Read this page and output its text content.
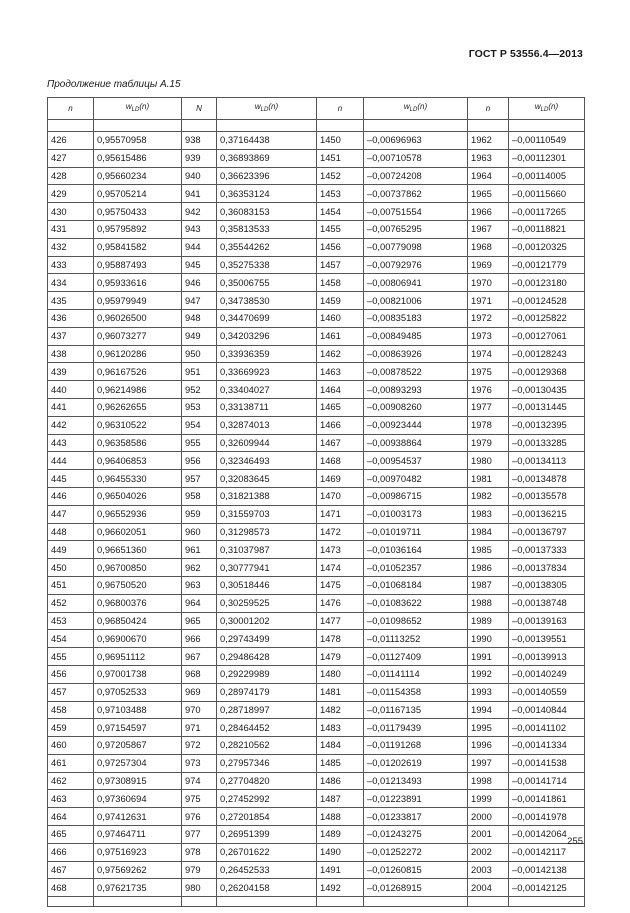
ГОСТ Р 53556.4—2013
Продолжение таблицы А.15
n	$w_{LD}(n)$	N	$w_{LD}(n)$	n	$w_{LD}(n)$	n	$w_{LD}(n)$

426	0,95570958	938	0,37164438	1450	–0,00696963	1962	–0,00110549
427	0,95615486	939	0,36893869	1451	–0,00710578	1963	–0,00112301
428	0,95660234	940	0,36623396	1452	–0,00724208	1964	–0,00114005
429	0,95705214	941	0,36353124	1453	–0,00737862	1965	–0,00115660
430	0,95750433	942	0,36083153	1454	–0,00751554	1966	–0,00117265
431	0,95795892	943	0,35813533	1455	–0,00765295	1967	–0,00118821
432	0,95841582	944	0,35544262	1456	–0,00779098	1968	–0,00120325
433	0,95887493	945	0,35275338	1457	–0,00792976	1969	–0,00121779
434	0,95933616	946	0,35006755	1458	–0,00806941	1970	–0,00123180
435	0,95979949	947	0,34738530	1459	–0,00821006	1971	–0,00124528
436	0,96026500	948	0,34470699	1460	–0,00835183	1972	–0,00125822
437	0,96073277	949	0,34203296	1461	–0,00849485	1973	–0,00127061
438	0,96120286	950	0,33936359	1462	–0,00863926	1974	–0,00128243
439	0,96167526	951	0,33669923	1463	–0,00878522	1975	–0,00129368
440	0,96214986	952	0,33404027	1464	–0,00893293	1976	–0,00130435
441	0,96262655	953	0,33138711	1465	–0,00908260	1977	–0,00131445
442	0,96310522	954	0,32874013	1466	–0,00923444	1978	–0,00132395
443	0,96358586	955	0,32609944	1467	–0,00938864	1979	–0,00133285
444	0,96406853	956	0,32346493	1468	–0,00954537	1980	–0,00134113
445	0,96455330	957	0,32083645	1469	–0,00970482	1981	–0,00134878
446	0,96504026	958	0,31821388	1470	–0,00986715	1982	–0,00135578
447	0,96552936	959	0,31559703	1471	–0,01003173	1983	–0,00136215
448	0,96602051	960	0,31298573	1472	–0,01019711	1984	–0,00136797
449	0,96651360	961	0,31037987	1473	–0,01036164	1985	–0,00137333
450	0,96700850	962	0,30777941	1474	–0,01052357	1986	–0,00137834
451	0,96750520	963	0,30518446	1475	–0,01068184	1987	–0,00138305
452	0,96800376	964	0,30259525	1476	–0,01083622	1988	–0,00138748
453	0,96850424	965	0,30001202	1477	–0,01098652	1989	–0,00139163
454	0,96900670	966	0,29743499	1478	–0,01113252	1990	–0,00139551
455	0,96951112	967	0,29486428	1479	–0,01127409	1991	–0,00139913
456	0,97001738	968	0,29229989	1480	–0,01141114	1992	–0,00140249
457	0,97052533	969	0,28974179	1481	–0,01154358	1993	–0,00140559
458	0,97103488	970	0,28718997	1482	–0,01167135	1994	–0,00140844
459	0,97154597	971	0,28464452	1483	–0,01179439	1995	–0,00141102
460	0,97205867	972	0,28210562	1484	–0,01191268	1996	–0,00141334
461	0,97257304	973	0,27957346	1485	–0,01202619	1997	–0,00141538
462	0,97308915	974	0,27704820	1486	–0,01213493	1998	–0,00141714
463	0,97360694	975	0,27452992	1487	–0,01223891	1999	–0,00141861
464	0,97412631	976	0,27201854	1488	–0,01233817	2000	–0,00141978
465	0,97464711	977	0,26951399	1489	–0,01243275	2001	–0,00142064
466	0,97516923	978	0,26701622	1490	–0,01252272	2002	–0,00142117
467	0,97569262	979	0,26452533	1491	–0,01260815	2003	–0,00142138
468	0,97621735	980	0,26204158	1492	–0,01268915	2004	–0,00142125

255
